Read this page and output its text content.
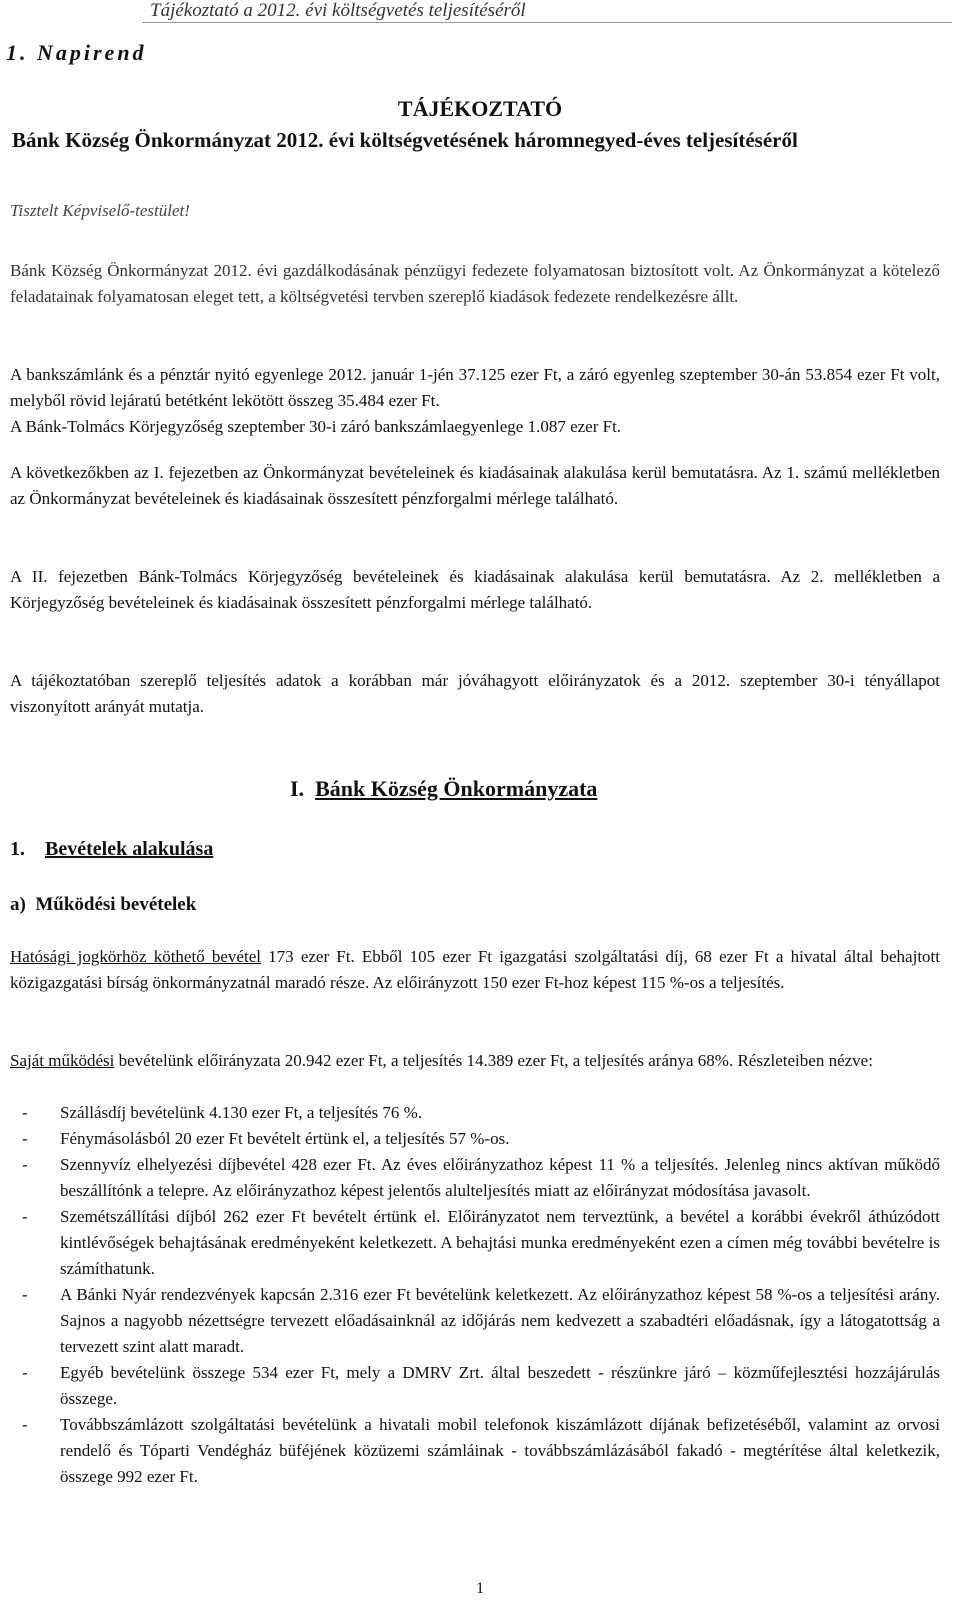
Tájékoztató a 2012. évi költségvetés teljesítéséről
1. Napirend
TÁJÉKOZTATÓ
Bánk Község Önkormányzat 2012. évi költségvetésének háromnegyed-éves teljesítéséről
Tisztelt Képviselő-testület!
Bánk Község Önkormányzat 2012. évi gazdálkodásának pénzügyi fedezete folyamatosan biztosított volt. Az Önkormányzat a kötelező feladatainak folyamatosan eleget tett, a költségvetési tervben szereplő kiadások fedezete rendelkezésre állt.
A bankszámlánk és a pénztár nyitó egyenlege 2012. január 1-jén 37.125 ezer Ft, a záró egyenleg szeptember 30-án 53.854 ezer Ft volt, melyből rövid lejáratú betétként lekötött összeg 35.484 ezer Ft.
A Bánk-Tolmács Körjegyzőség szeptember 30-i záró bankszámlaegyenlege 1.087 ezer Ft.
A következőkben az I. fejezetben az Önkormányzat bevételeinek és kiadásainak alakulása kerül bemutatásra. Az 1. számú mellékletben az Önkormányzat bevételeinek és kiadásainak összesített pénzforgalmi mérlege található.
A II. fejezetben Bánk-Tolmács Körjegyzőség bevételeinek és kiadásainak alakulása kerül bemutatásra. Az 2. mellékletben a Körjegyzőség bevételeinek és kiadásainak összesített pénzforgalmi mérlege található.
A tájékoztatóban szereplő teljesítés adatok a korábban már jóváhagyott előirányzatok és a 2012. szeptember 30-i tényállapot viszonyított arányát mutatja.
I. Bánk Község Önkormányzata
1. Bevételek alakulása
a) Működési bevételek
Hatósági jogkörhöz köthető bevétel 173 ezer Ft. Ebből 105 ezer Ft igazgatási szolgáltatási díj, 68 ezer Ft a hivatal által behajtott közigazgatási bírság önkormányzatnál maradó része. Az előirányzott 150 ezer Ft-hoz képest 115 %-os a teljesítés.
Saját működési bevételünk előirányzata 20.942 ezer Ft, a teljesítés 14.389 ezer Ft, a teljesítés aránya 68%. Részleteiben nézve:
- Szállásdíj bevételünk 4.130 ezer Ft, a teljesítés 76 %.
- Fénymásolásból 20 ezer Ft bevételt értünk el, a teljesítés 57 %-os.
- Szennyvíz elhelyezési díjbevétel 428 ezer Ft. Az éves előirányzathoz képest 11 % a teljesítés. Jelenleg nincs aktívan működő beszállítónk a telepre. Az előirányzathoz képest jelentős alulteljesítés miatt az előirányzat módosítása javasolt.
- Szemétszállítási díjból 262 ezer Ft bevételt értünk el. Előirányzatot nem terveztünk, a bevétel a korábbi évekről áthúzódott kintlévőségek behajtásának eredményeként keletkezett. A behajtási munka eredményeként ezen a címen még további bevételre is számíthatunk.
- A Bánki Nyár rendezvények kapcsán 2.316 ezer Ft bevételünk keletkezett. Az előirányzathoz képest 58 %-os a teljesítési arány. Sajnos a nagyobb nézettségre tervezett előadásainknál az időjárás nem kedvezett a szabadtéri előadásnak, így a látogatottság a tervezett szint alatt maradt.
- Egyéb bevételünk összege 534 ezer Ft, mely a DMRV Zrt. által beszedett - részünkre járó – közműfejlesztési hozzájárulás összege.
- Továbbszámlázott szolgáltatási bevételünk a hivatali mobil telefonok kiszámlázott díjának befizetéséből, valamint az orvosi rendelő és Tóparti Vendégház büféjének közüzemi számláinak - továbbszámlázásából fakadó - megtérítése által keletkezik, összege 992 ezer Ft.
1
